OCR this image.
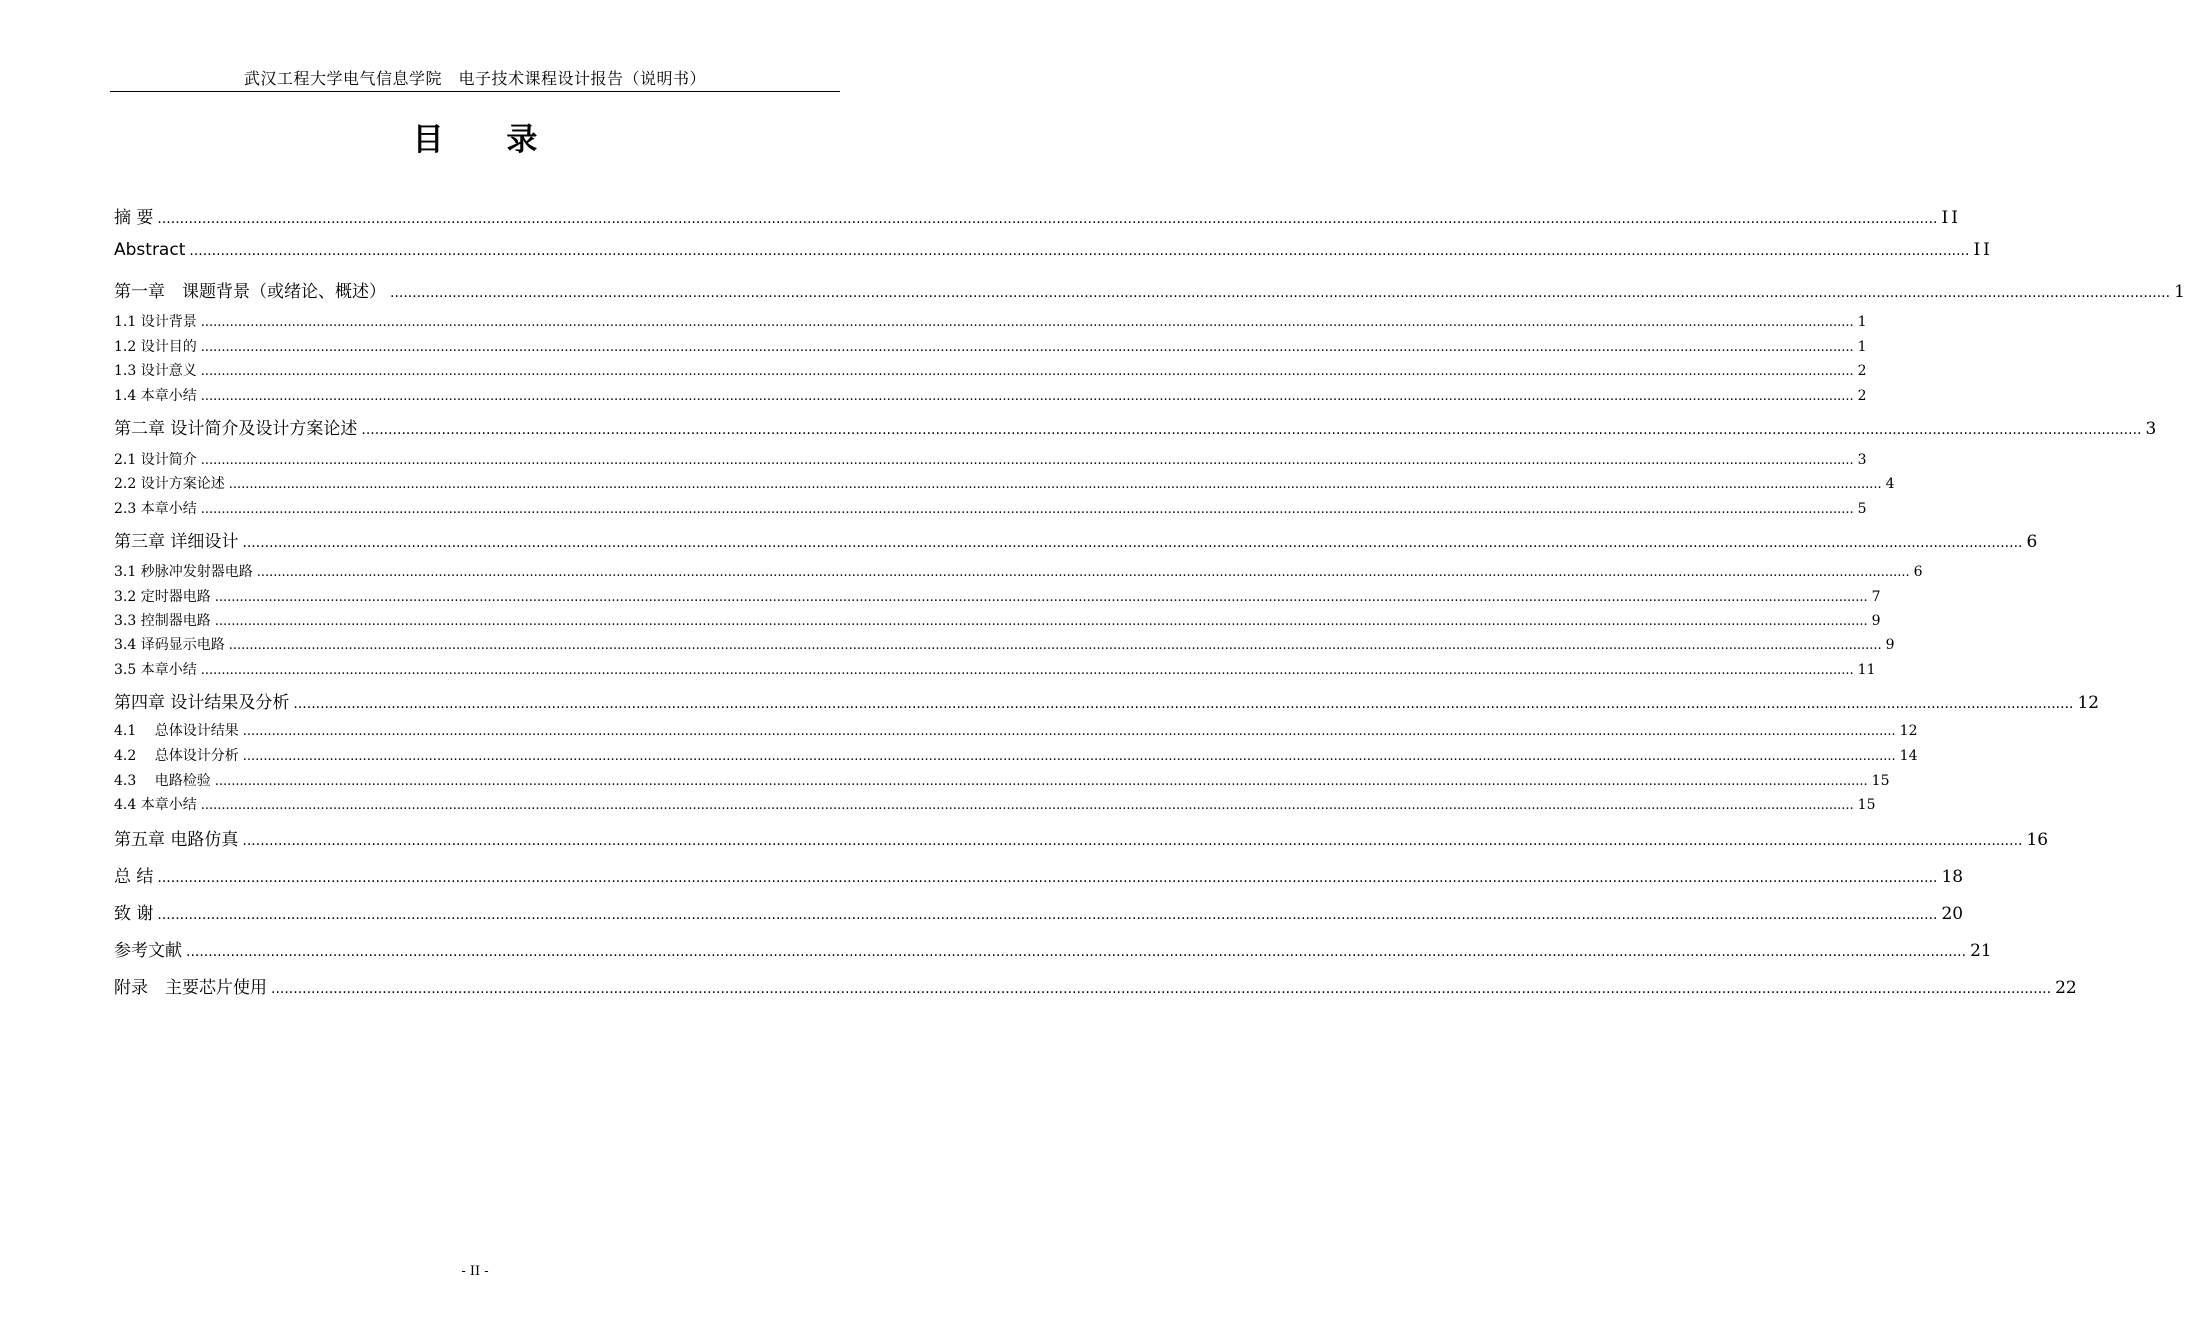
武汉工程大学电气信息学院　电子技术课程设计报告（说明书）
目 录
摘 要 ................................................................................................................................................................................................................................................................................................................................................................................................................ II
Abstract ................................................................................................................................................................................................................................................................................................................................................................................................................ II
第一章　课题背景（或绪论、概述） ................................................................................................................................................................................................................................................................................................................................................................................................................ 1
1.1 设计背景 ................................................................................................................................................................................................................................................................................................................................................................................................................ 1
1.2 设计目的 ................................................................................................................................................................................................................................................................................................................................................................................................................ 1
1.3 设计意义 ................................................................................................................................................................................................................................................................................................................................................................................................................ 2
1.4 本章小结 ................................................................................................................................................................................................................................................................................................................................................................................................................ 2
第二章 设计简介及设计方案论述 ................................................................................................................................................................................................................................................................................................................................................................................................................ 3
2.1 设计简介 ................................................................................................................................................................................................................................................................................................................................................................................................................ 3
2.2 设计方案论述 ................................................................................................................................................................................................................................................................................................................................................................................................................ 4
2.3 本章小结 ................................................................................................................................................................................................................................................................................................................................................................................................................ 5
第三章 详细设计 ................................................................................................................................................................................................................................................................................................................................................................................................................ 6
3.1 秒脉冲发射器电路 ................................................................................................................................................................................................................................................................................................................................................................................................................ 6
3.2 定时器电路 ................................................................................................................................................................................................................................................................................................................................................................................................................ 7
3.3 控制器电路 ................................................................................................................................................................................................................................................................................................................................................................................................................ 9
3.4 译码显示电路 ................................................................................................................................................................................................................................................................................................................................................................................................................ 9
3.5 本章小结 ................................................................................................................................................................................................................................................................................................................................................................................................................ 11
第四章 设计结果及分析 ................................................................................................................................................................................................................................................................................................................................................................................................................ 12
4.1　 总体设计结果 ................................................................................................................................................................................................................................................................................................................................................................................................................ 12
4.2　 总体设计分析 ................................................................................................................................................................................................................................................................................................................................................................................................................ 14
4.3　 电路检验 ................................................................................................................................................................................................................................................................................................................................................................................................................ 15
4.4 本章小结 ................................................................................................................................................................................................................................................................................................................................................................................................................ 15
第五章 电路仿真 ................................................................................................................................................................................................................................................................................................................................................................................................................ 16
总 结 ................................................................................................................................................................................................................................................................................................................................................................................................................ 18
致 谢 ................................................................................................................................................................................................................................................................................................................................................................................................................ 20
参考文献 ................................................................................................................................................................................................................................................................................................................................................................................................................ 21
附录　主要芯片使用 ................................................................................................................................................................................................................................................................................................................................................................................................................ 22
- II -
